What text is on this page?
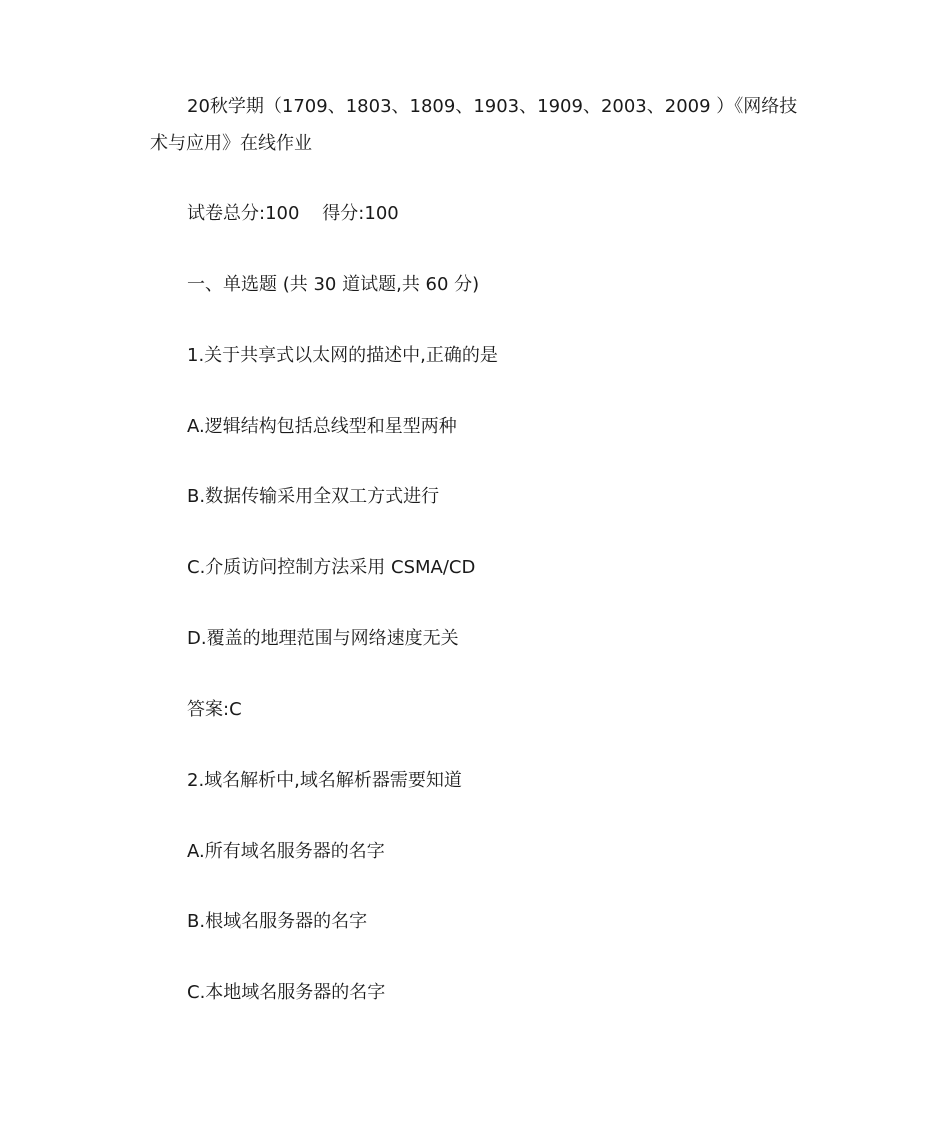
20秋学期（1709、1803、1809、1903、1909、2003、2009 ）《网络技术与应用》在线作业

试卷总分:100    得分:100

一、单选题 (共 30 道试题,共 60 分)

1.关于共享式以太网的描述中,正确的是

A.逻辑结构包括总线型和星型两种

B.数据传输采用全双工方式进行

C.介质访问控制方法采用 CSMA/CD

D.覆盖的地理范围与网络速度无关

答案:C

2.域名解析中,域名解析器需要知道

A.所有域名服务器的名字

B.根域名服务器的名字

C.本地域名服务器的名字
